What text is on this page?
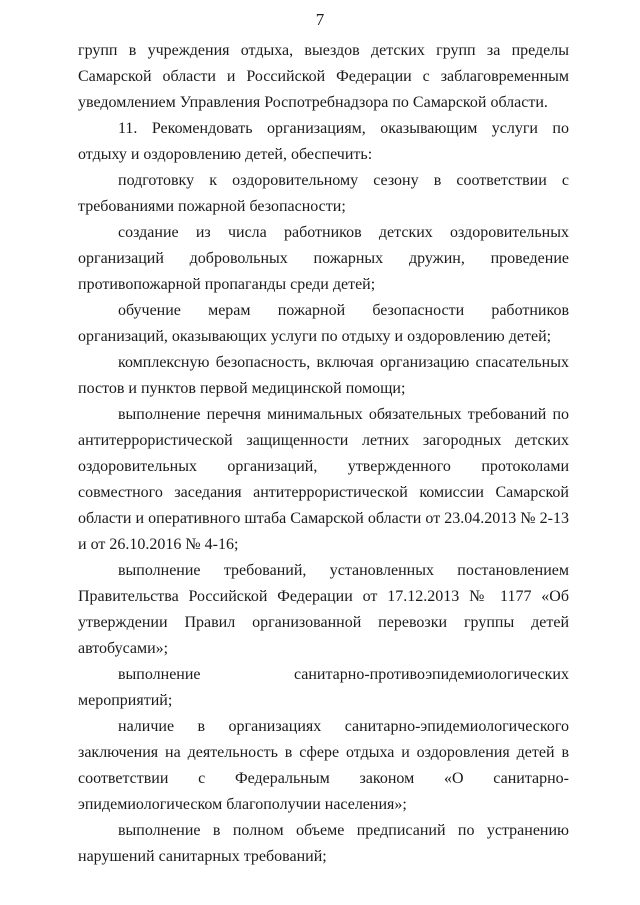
7

групп в учреждения отдыха, выездов детских групп за пределы Самарской области и Российской Федерации с заблаговременным уведомлением Управления Роспотребнадзора по Самарской области.

11. Рекомендовать организациям, оказывающим услуги по отдыху и оздоровлению детей, обеспечить:

подготовку к оздоровительному сезону в соответствии с требованиями пожарной безопасности;

создание из числа работников детских оздоровительных организаций добровольных пожарных дружин, проведение противопожарной пропаганды среди детей;

обучение мерам пожарной безопасности работников организаций, оказывающих услуги по отдыху и оздоровлению детей;

комплексную безопасность, включая организацию спасательных постов и пунктов первой медицинской помощи;

выполнение перечня минимальных обязательных требований по антитеррористической защищенности летних загородных детских оздоровительных организаций, утвержденного протоколами совместного заседания антитеррористической комиссии Самарской области и оперативного штаба Самарской области от 23.04.2013 № 2-13 и от 26.10.2016 № 4-16;

выполнение требований, установленных постановлением Правительства Российской Федерации от 17.12.2013 № 1177 «Об утверждении Правил организованной перевозки группы детей автобусами»;

выполнение санитарно-противоэпидемиологических мероприятий;

наличие в организациях санитарно-эпидемиологического заключения на деятельность в сфере отдыха и оздоровления детей в соответствии с Федеральным законом «О санитарно-эпидемиологическом благополучии населения»;

выполнение в полном объеме предписаний по устранению нарушений санитарных требований;
